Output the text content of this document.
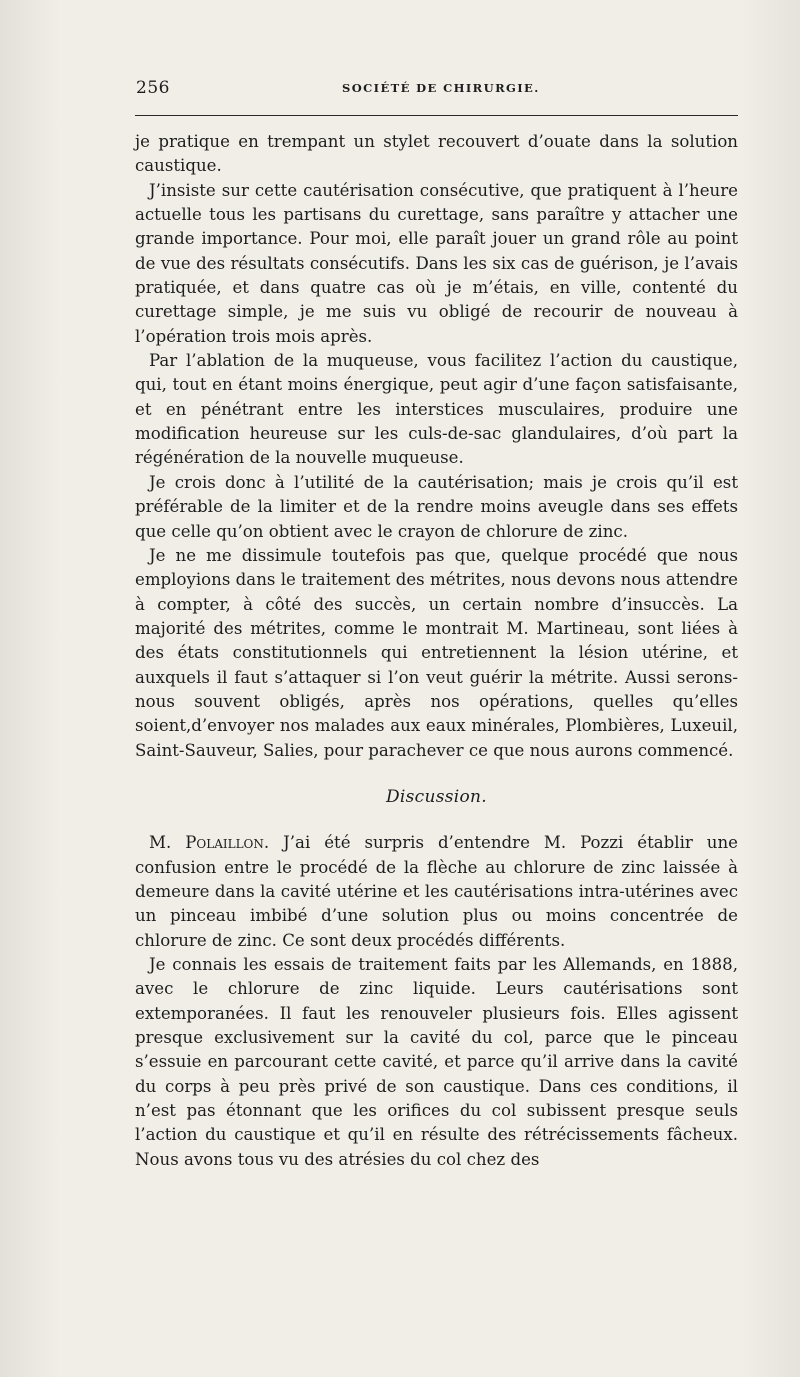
256	SOCIÉTÉ DE CHIRURGIE.

je pratique en trempant un stylet recouvert d’ouate dans la solution caustique.

J’insiste sur cette cautérisation consécutive, que pratiquent à l’heure actuelle tous les partisans du curettage, sans paraître y attacher une grande importance. Pour moi, elle paraît jouer un grand rôle au point de vue des résultats consécutifs. Dans les six cas de guérison, je l’avais pratiquée, et dans quatre cas où je m’étais, en ville, contenté du curettage simple, je me suis vu obligé de recourir de nouveau à l’opération trois mois après.

Par l’ablation de la muqueuse, vous facilitez l’action du caustique, qui, tout en étant moins énergique, peut agir d’une façon satisfaisante, et en pénétrant entre les interstices musculaires, produire une modification heureuse sur les culs-de-sac glandulaires, d’où part la régénération de la nouvelle muqueuse.

Je crois donc à l’utilité de la cautérisation; mais je crois qu’il est préférable de la limiter et de la rendre moins aveugle dans ses effets que celle qu’on obtient avec le crayon de chlorure de zinc.

Je ne me dissimule toutefois pas que, quelque procédé que nous employions dans le traitement des métrites, nous devons nous attendre à compter, à côté des succès, un certain nombre d’insuccès. La majorité des métrites, comme le montrait M. Martineau, sont liées à des états constitutionnels qui entretiennent la lésion utérine, et auxquels il faut s’attaquer si l’on veut guérir la métrite. Aussi serons-nous souvent obligés, après nos opérations, quelles qu’elles soient,d’envoyer nos malades aux eaux minérales, Plombières, Luxeuil, Saint-Sauveur, Salies, pour parachever ce que nous aurons commencé.

Discussion.

M. Polaillon. J’ai été surpris d’entendre M. Pozzi établir une confusion entre le procédé de la flèche au chlorure de zinc laissée à demeure dans la cavité utérine et les cautérisations intra-utérines avec un pinceau imbibé d’une solution plus ou moins concentrée de chlorure de zinc. Ce sont deux procédés différents.

Je connais les essais de traitement faits par les Allemands, en 1888, avec le chlorure de zinc liquide. Leurs cautérisations sont extemporanées. Il faut les renouveler plusieurs fois. Elles agissent presque exclusivement sur la cavité du col, parce que le pinceau s’essuie en parcourant cette cavité, et parce qu’il arrive dans la cavité du corps à peu près privé de son caustique. Dans ces conditions, il n’est pas étonnant que les orifices du col subissent presque seuls l’action du caustique et qu’il en résulte des rétrécissements fâcheux. Nous avons tous vu des atrésies du col chez des
